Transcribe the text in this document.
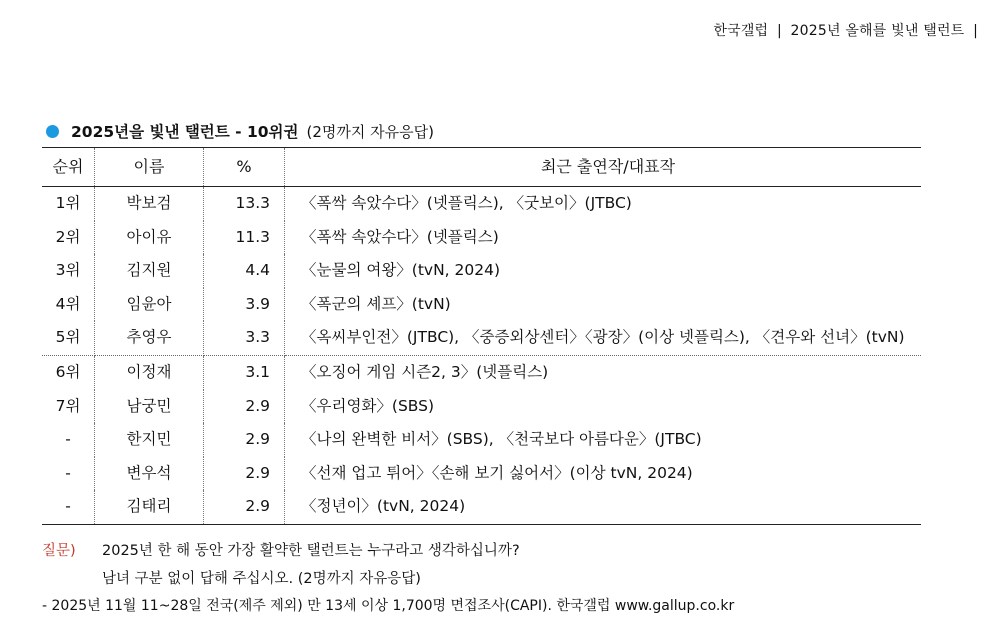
한국갤럽 | 2025년 올해를 빛낸 탤런트 |
2025년을 빛낸 탤런트 - 10위권 (2명까지 자유응답)
순위	이름	%	최근 출연작/대표작
1위	박보검	13.3	〈폭싹 속았수다〉(넷플릭스), 〈굿보이〉(JTBC)
2위	아이유	11.3	〈폭싹 속았수다〉(넷플릭스)
3위	김지원	4.4	〈눈물의 여왕〉(tvN, 2024)
4위	임윤아	3.9	〈폭군의 셰프〉(tvN)
5위	추영우	3.3	〈옥씨부인전〉(JTBC), 〈중증외상센터〉〈광장〉(이상 넷플릭스), 〈견우와 선녀〉(tvN)
6위	이정재	3.1	〈오징어 게임 시즌2, 3〉(넷플릭스)
7위	남궁민	2.9	〈우리영화〉(SBS)
-	한지민	2.9	〈나의 완벽한 비서〉(SBS), 〈천국보다 아름다운〉(JTBC)
-	변우석	2.9	〈선재 업고 튀어〉〈손해 보기 싫어서〉(이상 tvN, 2024)
-	김태리	2.9	〈정년이〉(tvN, 2024)
질문) 2025년 한 해 동안 가장 활약한 탤런트는 누구라고 생각하십니까?
남녀 구분 없이 답해 주십시오. (2명까지 자유응답)
- 2025년 11월 11~28일 전국(제주 제외) 만 13세 이상 1,700명 면접조사(CAPI). 한국갤럽 www.gallup.co.kr
